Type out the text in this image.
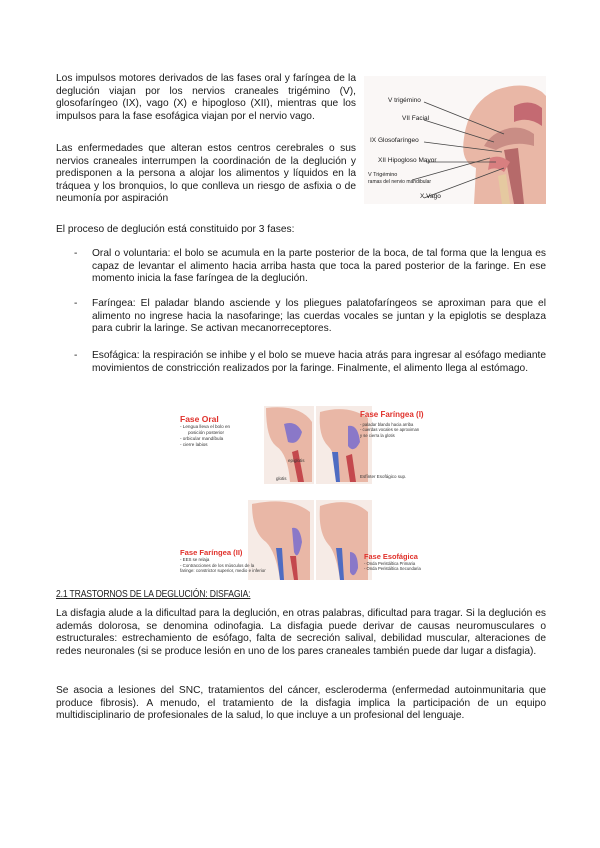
Los impulsos motores derivados de las fases oral y faríngea de la deglución viajan por los nervios craneales trigémino (V), glosofaríngeo (IX), vago (X) e hipogloso (XII), mientras que los impulsos para la fase esofágica viajan por el nervio vago.

V trigémino
VII Facial
IX Glosofaríngeo
XII Hipogloso Mayor
V Trigémino
ramas del nervio mandibular
X Vago

Las enfermedades que alteran estos centros cerebrales o sus nervios craneales interrumpen la coordinación de la deglución y predisponen a la persona a alojar los alimentos y líquidos en la tráquea y los bronquios, lo que conlleva un riesgo de asfixia o de neumonía por aspiración

El proceso de deglución está constituido por 3 fases:

- Oral o voluntaria: el bolo se acumula en la parte posterior de la boca, de tal forma que la lengua es capaz de levantar el alimento hacia arriba hasta que toca la pared posterior de la faringe. En ese momento inicia la fase faríngea de la deglución.

- Faríngea: El paladar blando asciende y los pliegues palatofaríngeos se aproximan para que el alimento no ingrese hacia la nasofaringe; las cuerdas vocales se juntan y la epiglotis se desplaza para cubrir la laringe. Se activan mecanorreceptores.

- Esofágica: la respiración se inhibe y el bolo se mueve hacia atrás para ingresar al esófago mediante movimientos de constricción realizados por la faringe. Finalmente, el alimento llega al estómago.

Fase Oral
- Lengua lleva el bolo en
posición posterior
- orbicular mandíbula
- cierre labios
Fase Faríngea (I)
- paladar blando hacia arriba
- cuerdas vocales se aproximan
y se cierra la glotis
epiglotis
glotis	Esfínter Esofágico sup.
Fase Faríngea (II)
- EES se relaja
- Contracciones de los músculos de la
faringe: constrictor superior, medio e inferior
Fase Esofágica
- Onda Peristáltica Primaria
- Onda Peristáltica Secundaria
2.1 TRASTORNOS DE LA DEGLUCIÓN: DISFAGIA:

La disfagia alude a la dificultad para la deglución, en otras palabras, dificultad para tragar. Si la deglución es además dolorosa, se denomina odinofagia. La disfagia puede derivar de causas neuromusculares o estructurales: estrechamiento de esófago, falta de secreción salival, debilidad muscular, alteraciones de redes neuronales (si se produce lesión en uno de los pares craneales también puede dar lugar a disfagia).

Se asocia a lesiones del SNC, tratamientos del cáncer, esclerodermа (enfermedad autoinmunitaria que produce fibrosis). A menudo, el tratamiento de la disfagia implica la participación de un equipo multidisciplinario de profesionales de la salud, lo que incluye a un profesional del lenguaje.
